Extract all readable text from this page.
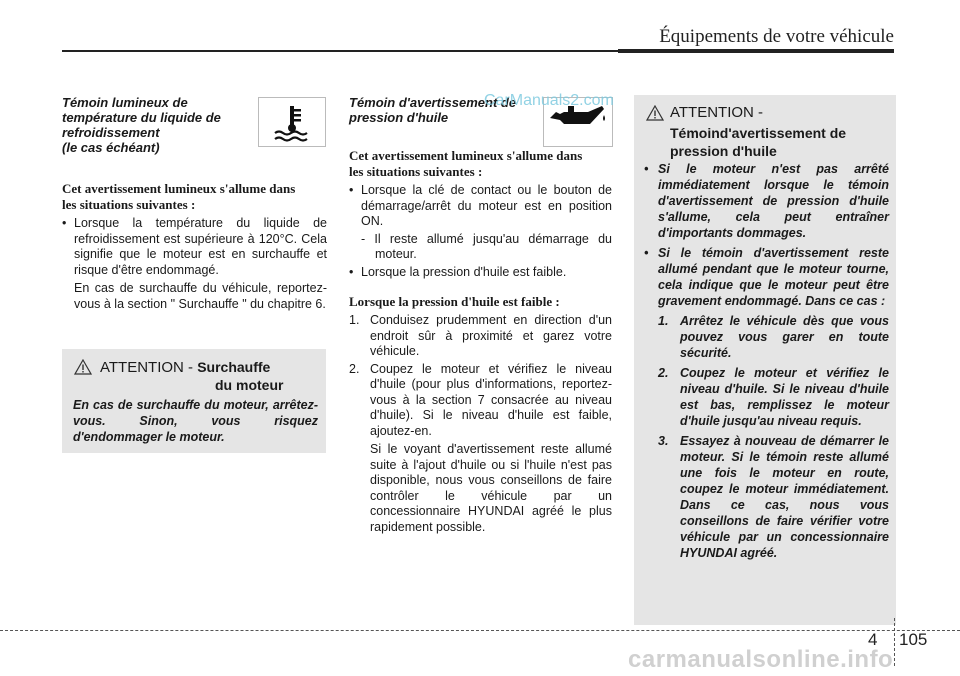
Équipements de votre véhicule
Témoin lumineux de
température du liquide de
refroidissement
(le cas échéant)
Cet avertissement lumineux s'allume dans
les situations suivantes :
• Lorsque la température du liquide de refroidissement est supérieure à 120°C. Cela signifie que le moteur est en surchauffe et risque d'être endommagé.
En cas de surchauffe du véhicule, reportez-vous à la section " Surchauffe " du chapitre 6.
ATTENTION - Surchauffe
du moteur
En cas de surchauffe du moteur, arrêtez-vous. Sinon, vous risquez d'endommager le moteur.
Témoin d'avertissement de
pression d'huile
Cet avertissement lumineux s'allume dans
les situations suivantes :
• Lorsque la clé de contact ou le bouton de démarrage/arrêt du moteur est en position ON.
- Il reste allumé jusqu'au démarrage du moteur.
• Lorsque la pression d'huile est faible.
Lorsque la pression d'huile est faible :
1. Conduisez prudemment en direction d'un endroit sûr à proximité et garez votre véhicule.
2. Coupez le moteur et vérifiez le niveau d'huile (pour plus d'informations, reportez-vous à la section 7 consacrée au niveau d'huile). Si le niveau d'huile est faible, ajoutez-en.
Si le voyant d'avertissement reste allumé suite à l'ajout d'huile ou si l'huile n'est pas disponible, nous vous conseillons de faire contrôler le véhicule par un concessionnaire HYUNDAI agréé le plus rapidement possible.
ATTENTION -
Témoind'avertissement de
pression d'huile
• Si le moteur n'est pas arrêté immédiatement lorsque le témoin d'avertissement de pression d'huile s'allume, cela peut entraîner d'importants dommages.
• Si le témoin d'avertissement reste allumé pendant que le moteur tourne, cela indique que le moteur peut être gravement endommagé. Dans ce cas :
1. Arrêtez le véhicule dès que vous pouvez vous garer en toute sécurité.
2. Coupez le moteur et vérifiez le niveau d'huile. Si le niveau d'huile est bas, remplissez le moteur d'huile jusqu'au niveau requis.
3. Essayez à nouveau de démarrer le moteur. Si le témoin reste allumé une fois le moteur en route, coupez le moteur immédiatement. Dans ce cas, nous vous conseillons de faire vérifier votre véhicule par un concessionnaire HYUNDAI agréé.
CarManuals2.com
4 105
carmanualsonline.info
